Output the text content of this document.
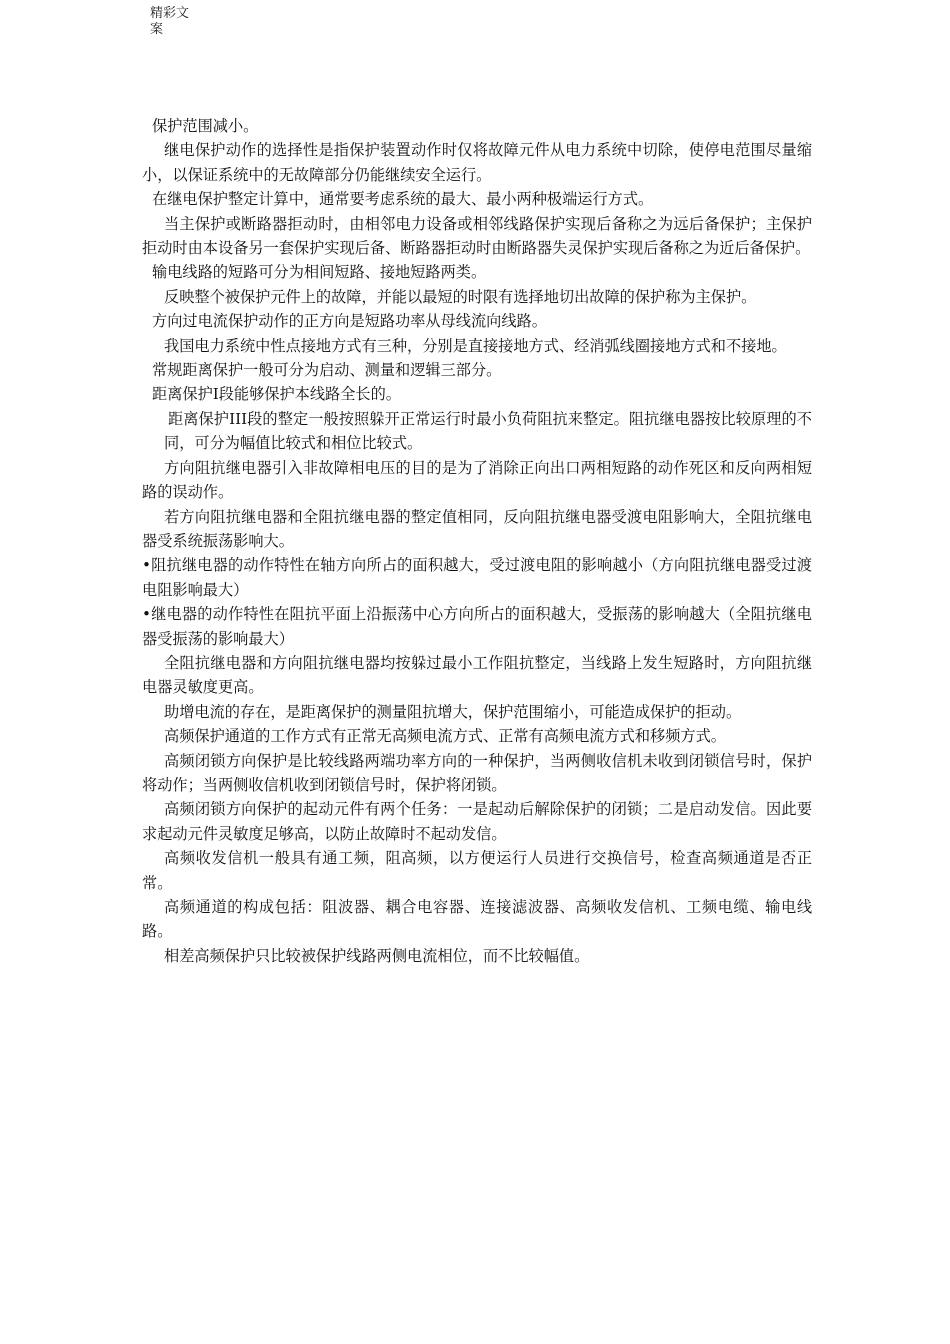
精彩文案

保护范围减小。

继电保护动作的选择性是指保护装置动作时仅将故障元件从电力系统中切除，使停电范围尽量缩小，以保证系统中的无故障部分仍能继续安全运行。

在继电保护整定计算中，通常要考虑系统的最大、最小两种极端运行方式。

当主保护或断路器拒动时，由相邻电力设备或相邻线路保护实现后备称之为远后备保护；主保护拒动时由本设备另一套保护实现后备、断路器拒动时由断路器失灵保护实现后备称之为近后备保护。

输电线路的短路可分为相间短路、接地短路两类。

反映整个被保护元件上的故障，并能以最短的时限有选择地切出故障的保护称为主保护。

方向过电流保护动作的正方向是短路功率从母线流向线路。

我国电力系统中性点接地方式有三种，分别是直接接地方式、经消弧线圈接地方式和不接地。

常规距离保护一般可分为启动、测量和逻辑三部分。

距离保护I段能够保护本线路全长的。

距离保护III段的整定一般按照躲开正常运行时最小负荷阻抗来整定。阻抗继电器按比较原理的不同，可分为幅值比较式和相位比较式。

方向阻抗继电器引入非故障相电压的目的是为了消除正向出口两相短路的动作死区和反向两相短路的误动作。

若方向阻抗继电器和全阻抗继电器的整定值相同，反向阻抗继电器受渡电阻影响大，全阻抗继电器受系统振荡影响大。

•阻抗继电器的动作特性在轴方向所占的面积越大，受过渡电阻的影响越小（方向阻抗继电器受过渡电阻影响最大）

•继电器的动作特性在阻抗平面上沿振荡中心方向所占的面积越大，受振荡的影响越大（全阻抗继电器受振荡的影响最大）

全阻抗继电器和方向阻抗继电器均按躲过最小工作阻抗整定，当线路上发生短路时，方向阻抗继电器灵敏度更高。

助增电流的存在，是距离保护的测量阻抗增大，保护范围缩小，可能造成保护的拒动。

高频保护通道的工作方式有正常无高频电流方式、正常有高频电流方式和移频方式。

高频闭锁方向保护是比较线路两端功率方向的一种保护，当两侧收信机未收到闭锁信号时，保护将动作；当两侧收信机收到闭锁信号时，保护将闭锁。

高频闭锁方向保护的起动元件有两个任务：一是起动后解除保护的闭锁；二是启动发信。因此要求起动元件灵敏度足够高，以防止故障时不起动发信。

高频收发信机一般具有通工频，阻高频，以方便运行人员进行交换信号，检查高频通道是否正常。

高频通道的构成包括：阻波器、耦合电容器、连接滤波器、高频收发信机、工频电缆、输电线路。

相差高频保护只比较被保护线路两侧电流相位，而不比较幅值。
